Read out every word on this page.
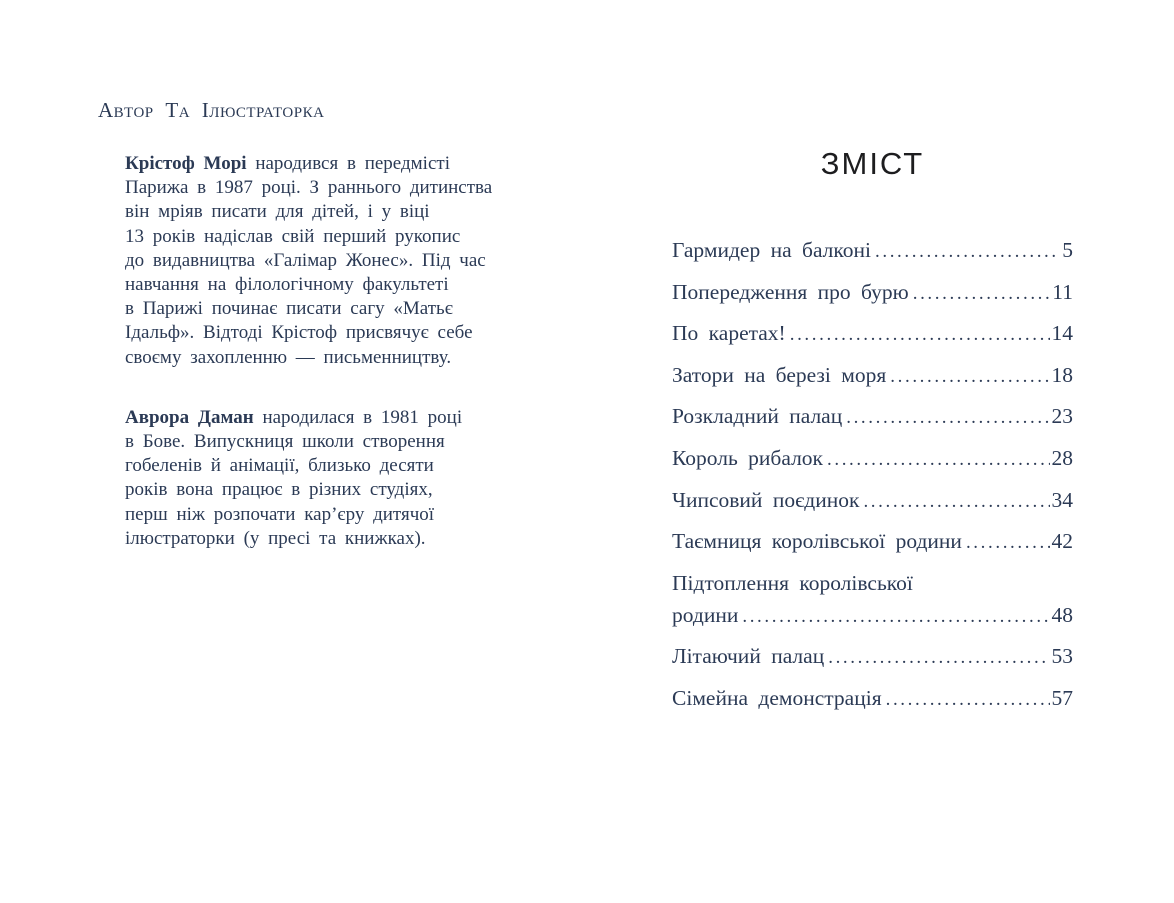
Автор Та Ілюстраторка
Крістоф Морі народився в передмісті
Парижа в 1987 році. З раннього дитинства
він мріяв писати для дітей, і у віці
13 років надіслав свій перший рукопис
до видавництва «Галімар Жонес». Під час
навчання на філологічному факультеті
в Парижі починає писати сагу «Матьє
Ідальф». Відтоді Крістоф присвячує себе
своєму захопленню — письменництву.
Аврора Даман народилася в 1981 році
в Бове. Випускниця школи створення
гобеленів й анімації, близько десяти
років вона працює в різних студіях,
перш ніж розпочати кар’єру дитячої
ілюстраторки (у пресі та книжках).
ЗМІСТ
Гармидер на балконі .....	5
Попередження про бурю .....	11
По каретах! .....	14
Затори на березі моря .....	18
Розкладний палац .....	23
Король рибалок .....	28
Чипсовий поєдинок .....	34
Таємниця королівської родини .....	42
Підтоплення королівської
родини .....	48
Літаючий палац .....	53
Сімейна демонстрація .....	57
